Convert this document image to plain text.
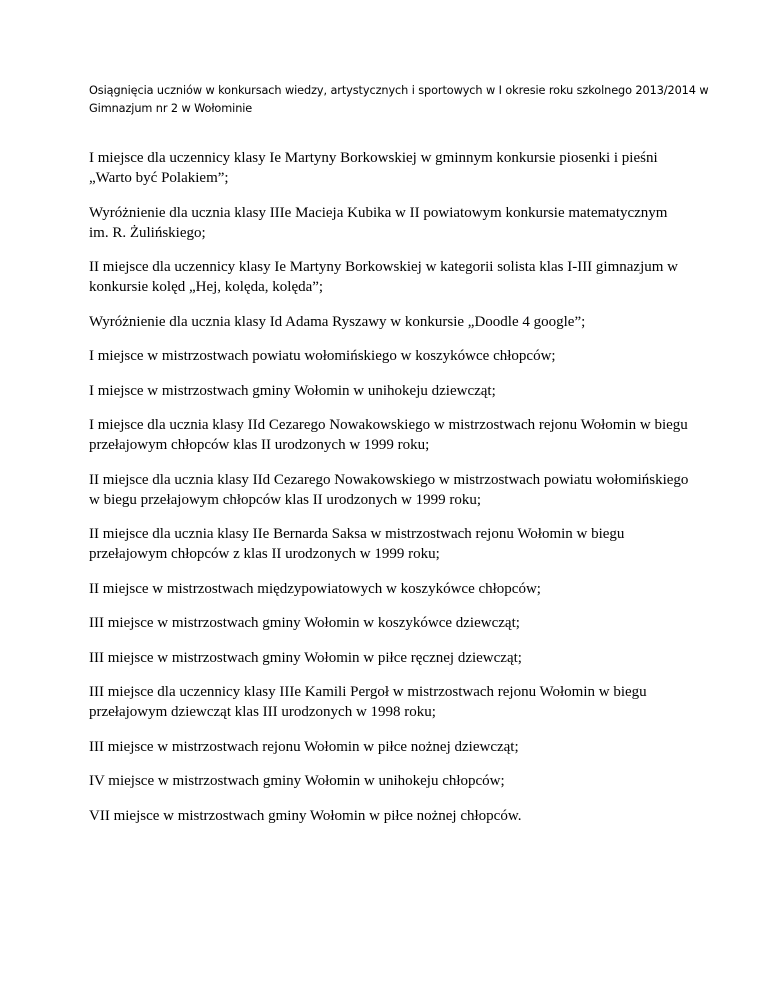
Osiągnięcia uczniów w konkursach wiedzy, artystycznych i sportowych w I okresie roku szkolnego 2013/2014 w Gimnazjum nr 2 w Wołominie
I miejsce dla uczennicy klasy Ie Martyny Borkowskiej w gminnym konkursie piosenki i pieśni „Warto być Polakiem”;
Wyróżnienie dla ucznia klasy IIIe Macieja Kubika w II powiatowym konkursie matematycznym im. R. Żulińskiego;
II miejsce dla uczennicy klasy Ie Martyny Borkowskiej w kategorii solista klas I-III gimnazjum w konkursie kolęd „Hej, kolęda, kolęda”;
Wyróżnienie dla ucznia klasy Id Adama Ryszawy w konkursie „Doodle 4 google”;
I miejsce w mistrzostwach powiatu wołomińskiego w koszykówce chłopców;
I miejsce w mistrzostwach gminy Wołomin w unihokeju dziewcząt;
I miejsce dla ucznia klasy IId Cezarego Nowakowskiego w mistrzostwach rejonu Wołomin w biegu przełajowym chłopców klas II urodzonych w 1999 roku;
II miejsce dla ucznia klasy IId Cezarego Nowakowskiego w mistrzostwach powiatu wołomińskiego w biegu przełajowym chłopców klas II urodzonych w 1999 roku;
II miejsce dla ucznia klasy IIe Bernarda Saksa w mistrzostwach rejonu Wołomin w biegu przełajowym chłopców z klas II urodzonych w 1999 roku;
II miejsce w mistrzostwach międzypowiatowych w koszykówce chłopców;
III miejsce w mistrzostwach gminy Wołomin w koszykówce dziewcząt;
III miejsce w mistrzostwach gminy Wołomin w piłce ręcznej dziewcząt;
III miejsce dla uczennicy klasy IIIe Kamili Pergoł w mistrzostwach rejonu Wołomin w biegu przełajowym dziewcząt klas III urodzonych w 1998 roku;
III miejsce w mistrzostwach rejonu Wołomin w piłce nożnej dziewcząt;
IV miejsce w mistrzostwach gminy Wołomin w unihokeju chłopców;
VII miejsce w mistrzostwach gminy Wołomin w piłce nożnej chłopców.
